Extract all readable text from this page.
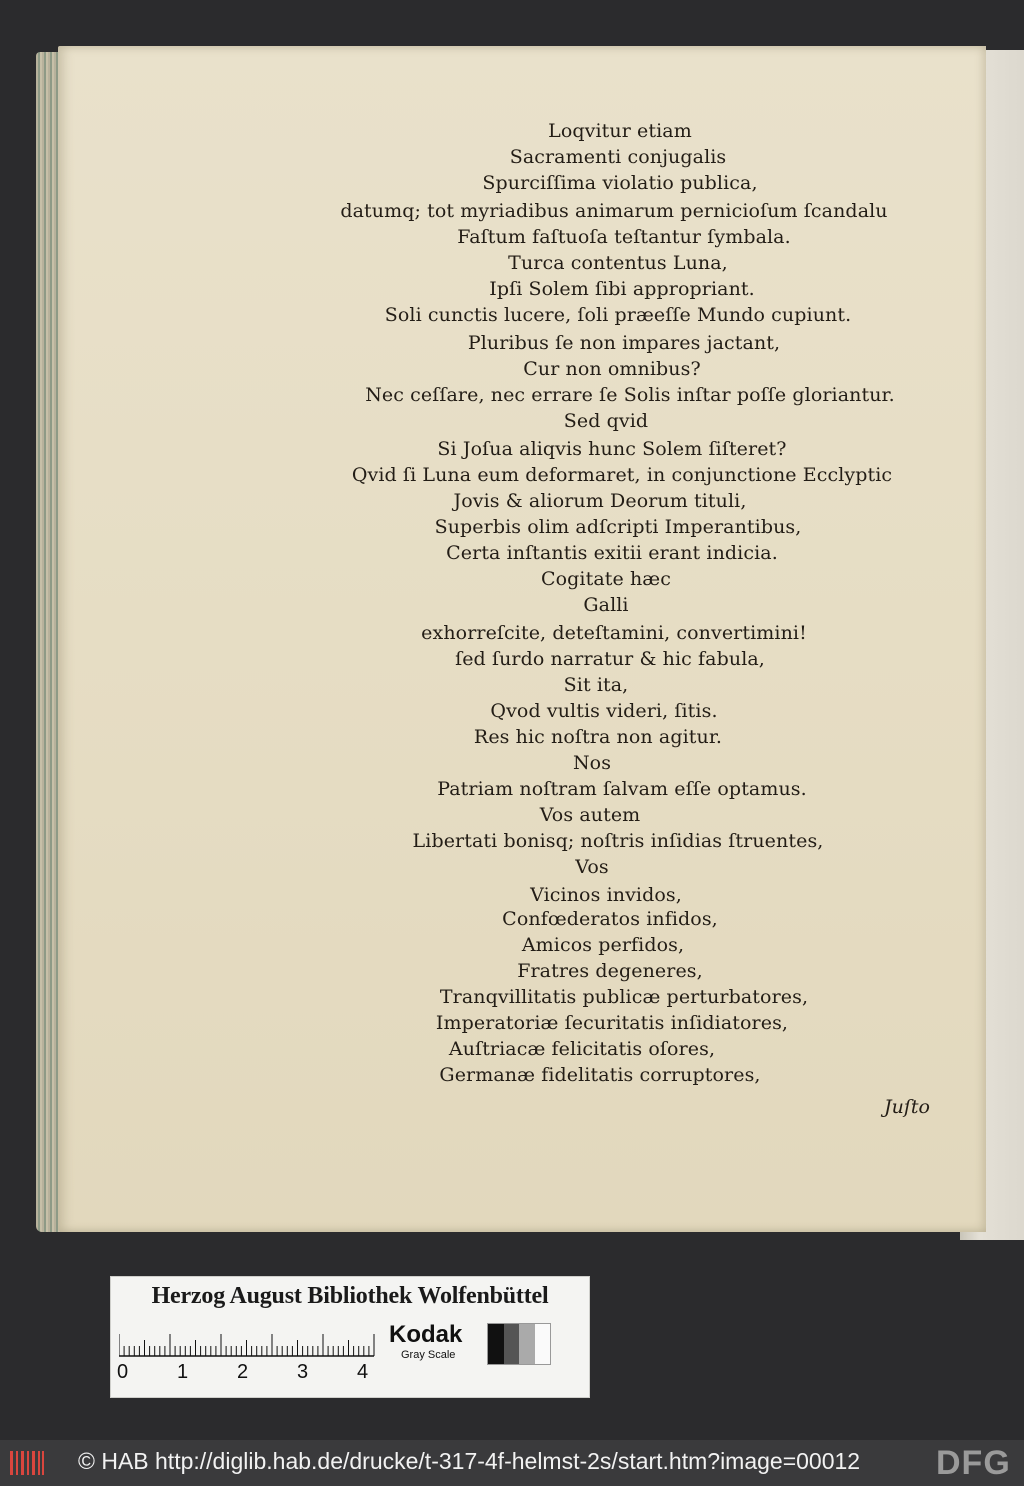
Loqvitur etiam
Sacramenti conjugalis
Spurciſſima violatio publica,
datumq; tot myriadibus animarum pernicioſum ſcandalu
Faſtum faſtuoſa teſtantur ſymbala.
Turca contentus Luna,
Ipſi Solem ſibi appropriant.
Soli cunctis lucere, ſoli præeſſe Mundo cupiunt.
Pluribus ſe non impares jactant,
Cur non omnibus?
Nec ceſſare, nec errare ſe Solis inſtar poſſe gloriantur.
Sed qvid
Si Joſua aliqvis hunc Solem ſiſteret?
Qvid ſi Luna eum deformaret, in conjunctione Ecclyptic
Jovis & aliorum Deorum tituli,
Superbis olim adſcripti Imperantibus,
Certa inſtantis exitii erant indicia.
Cogitate hæc
Galli
exhorreſcite, deteſtamini, convertimini!
ſed ſurdo narratur & hic fabula,
Sit ita,
Qvod vultis videri, ſitis.
Res hic noſtra non agitur.
Nos
Patriam noſtram ſalvam eſſe optamus.
Vos autem
Libertati bonisq; noſtris inſidias ſtruentes,
Vos
Vicinos invidos,
Confœderatos infidos,
Amicos perfidos,
Fratres degeneres,
Tranqvillitatis publicæ perturbatores,
Imperatoriæ ſecuritatis inſidiatores,
Auſtriacæ felicitatis oſores,
Germanæ fidelitatis corruptores,
Juſto
Herzog August Bibliothek Wolfenbüttel
0 1 2 3 4
Kodak
Gray Scale
© HAB http://diglib.hab.de/drucke/t-317-4f-helmst-2s/start.htm?image=00012 DFG
